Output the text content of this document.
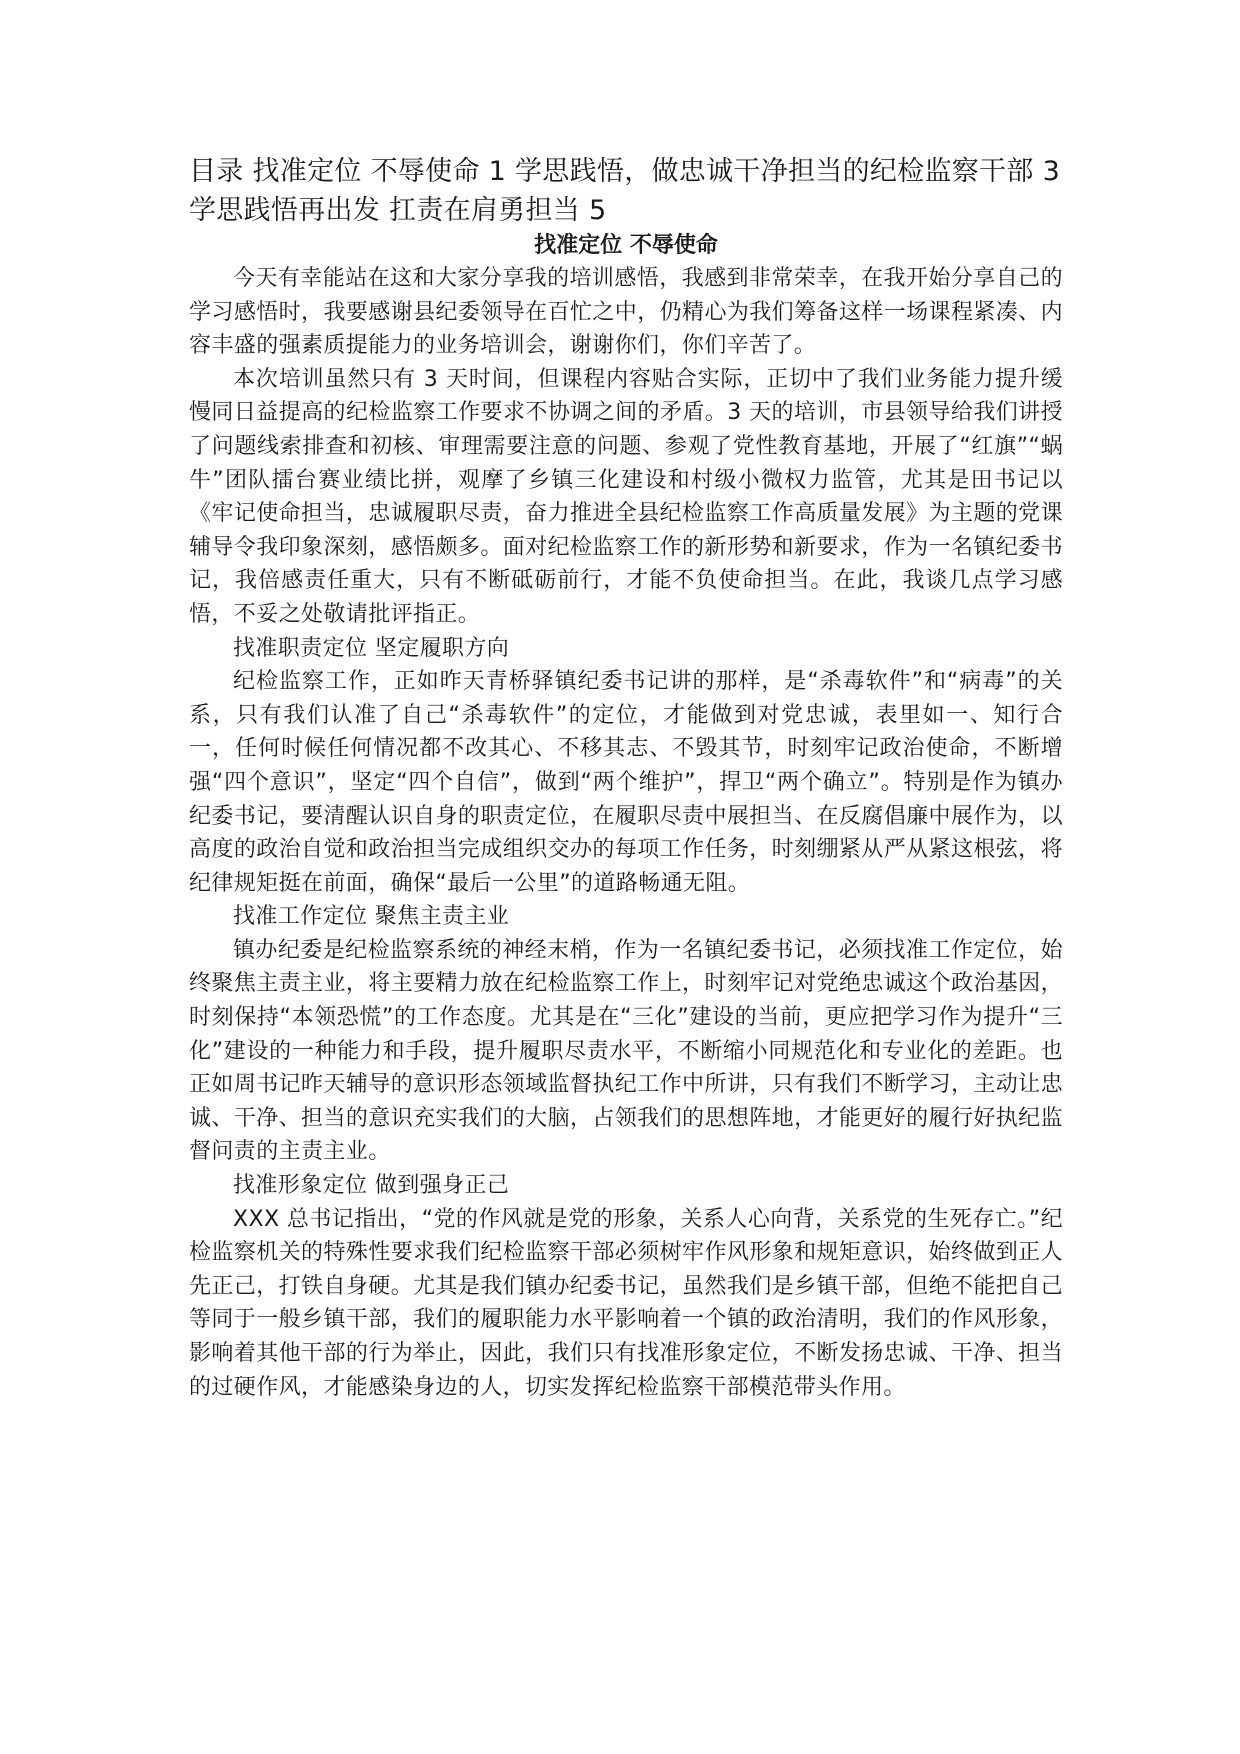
目录 找准定位 不辱使命 1 学思践悟，做忠诚干净担当的纪检监察干部 3 学思践悟再出发 扛责在肩勇担当 5

找准定位 不辱使命

今天有幸能站在这和大家分享我的培训感悟，我感到非常荣幸，在我开始分享自己的学习感悟时，我要感谢县纪委领导在百忙之中，仍精心为我们筹备这样一场课程紧凑、内容丰盛的强素质提能力的业务培训会，谢谢你们，你们辛苦了。

本次培训虽然只有 3 天时间，但课程内容贴合实际，正切中了我们业务能力提升缓慢同日益提高的纪检监察工作要求不协调之间的矛盾。3 天的培训，市县领导给我们讲授了问题线索排查和初核、审理需要注意的问题、参观了党性教育基地，开展了“红旗”“蜗牛”团队擂台赛业绩比拼，观摩了乡镇三化建设和村级小微权力监管，尤其是田书记以《牢记使命担当，忠诚履职尽责，奋力推进全县纪检监察工作高质量发展》为主题的党课辅导令我印象深刻，感悟颇多。面对纪检监察工作的新形势和新要求，作为一名镇纪委书记，我倍感责任重大，只有不断砥砺前行，才能不负使命担当。在此，我谈几点学习感悟，不妥之处敬请批评指正。

找准职责定位 坚定履职方向

纪检监察工作，正如昨天青桥驿镇纪委书记讲的那样，是“杀毒软件”和“病毒”的关系，只有我们认准了自己“杀毒软件”的定位，才能做到对党忠诚，表里如一、知行合一，任何时候任何情况都不改其心、不移其志、不毁其节，时刻牢记政治使命，不断增强“四个意识”，坚定“四个自信”，做到“两个维护”，捍卫“两个确立”。特别是作为镇办纪委书记，要清醒认识自身的职责定位，在履职尽责中展担当、在反腐倡廉中展作为，以高度的政治自觉和政治担当完成组织交办的每项工作任务，时刻绷紧从严从紧这根弦，将纪律规矩挺在前面，确保“最后一公里”的道路畅通无阻。

找准工作定位 聚焦主责主业

镇办纪委是纪检监察系统的神经末梢，作为一名镇纪委书记，必须找准工作定位，始终聚焦主责主业，将主要精力放在纪检监察工作上，时刻牢记对党绝忠诚这个政治基因，时刻保持“本领恐慌”的工作态度。尤其是在“三化”建设的当前，更应把学习作为提升“三化”建设的一种能力和手段，提升履职尽责水平，不断缩小同规范化和专业化的差距。也正如周书记昨天辅导的意识形态领域监督执纪工作中所讲，只有我们不断学习，主动让忠诚、干净、担当的意识充实我们的大脑，占领我们的思想阵地，才能更好的履行好执纪监督问责的主责主业。

找准形象定位 做到强身正己

XXX 总书记指出，“党的作风就是党的形象，关系人心向背，关系党的生死存亡。”纪检监察机关的特殊性要求我们纪检监察干部必须树牢作风形象和规矩意识，始终做到正人先正己，打铁自身硬。尤其是我们镇办纪委书记，虽然我们是乡镇干部，但绝不能把自己等同于一般乡镇干部，我们的履职能力水平影响着一个镇的政治清明，我们的作风形象，影响着其他干部的行为举止，因此，我们只有找准形象定位，不断发扬忠诚、干净、担当的过硬作风，才能感染身边的人，切实发挥纪检监察干部模范带头作用。
